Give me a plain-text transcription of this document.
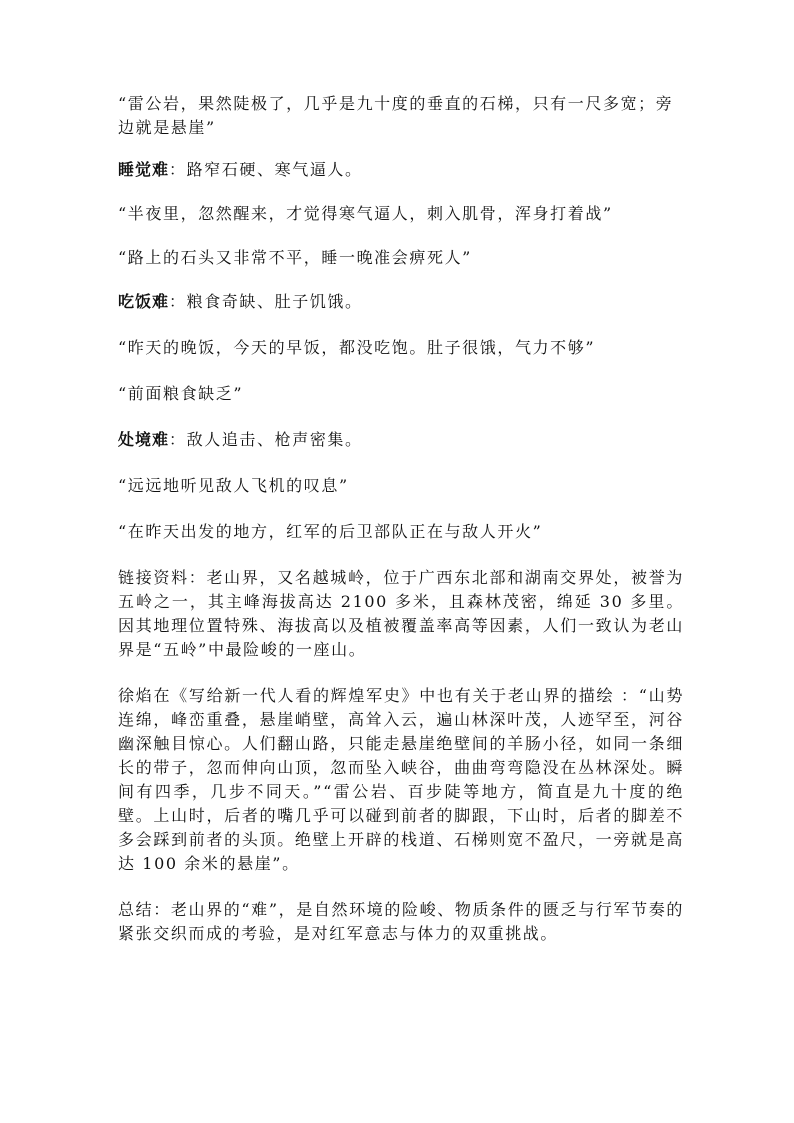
“雷公岩，果然陡极了，几乎是九十度的垂直的石梯，只有一尺多宽；旁边就是悬崖”

睡觉难：路窄石硬、寒气逼人。

“半夜里，忽然醒来，才觉得寒气逼人，刺入肌骨，浑身打着战”

“路上的石头又非常不平，睡一晚准会痹死人”

吃饭难：粮食奇缺、肚子饥饿。

“昨天的晚饭，今天的早饭，都没吃饱。肚子很饿，气力不够”

“前面粮食缺乏”

处境难：敌人追击、枪声密集。

“远远地听见敌人飞机的叹息”

“在昨天出发的地方，红军的后卫部队正在与敌人开火”

链接资料：老山界，又名越城岭，位于广西东北部和湖南交界处，被誉为五岭之一，其主峰海拔高达 2100 多米，且森林茂密，绵延 30 多里。因其地理位置特殊、海拔高以及植被覆盖率高等因素，人们一致认为老山界是“五岭”中最险峻的一座山。

徐焰在《写给新一代人看的辉煌军史》中也有关于老山界的描绘 ：“山势连绵，峰峦重叠，悬崖峭壁，高耸入云，遍山林深叶茂，人迹罕至，河谷幽深触目惊心。人们翻山路，只能走悬崖绝壁间的羊肠小径，如同一条细长的带子，忽而伸向山顶，忽而坠入峡谷，曲曲弯弯隐没在丛林深处。瞬间有四季，几步不同天。”“雷公岩、百步陡等地方，简直是九十度的绝壁。上山时，后者的嘴几乎可以碰到前者的脚跟，下山时，后者的脚差不多会踩到前者的头顶。绝壁上开辟的栈道、石梯则宽不盈尺，一旁就是高达 100 余米的悬崖”。

总结：老山界的“难”，是自然环境的险峻、物质条件的匮乏与行军节奏的紧张交织而成的考验，是对红军意志与体力的双重挑战。
